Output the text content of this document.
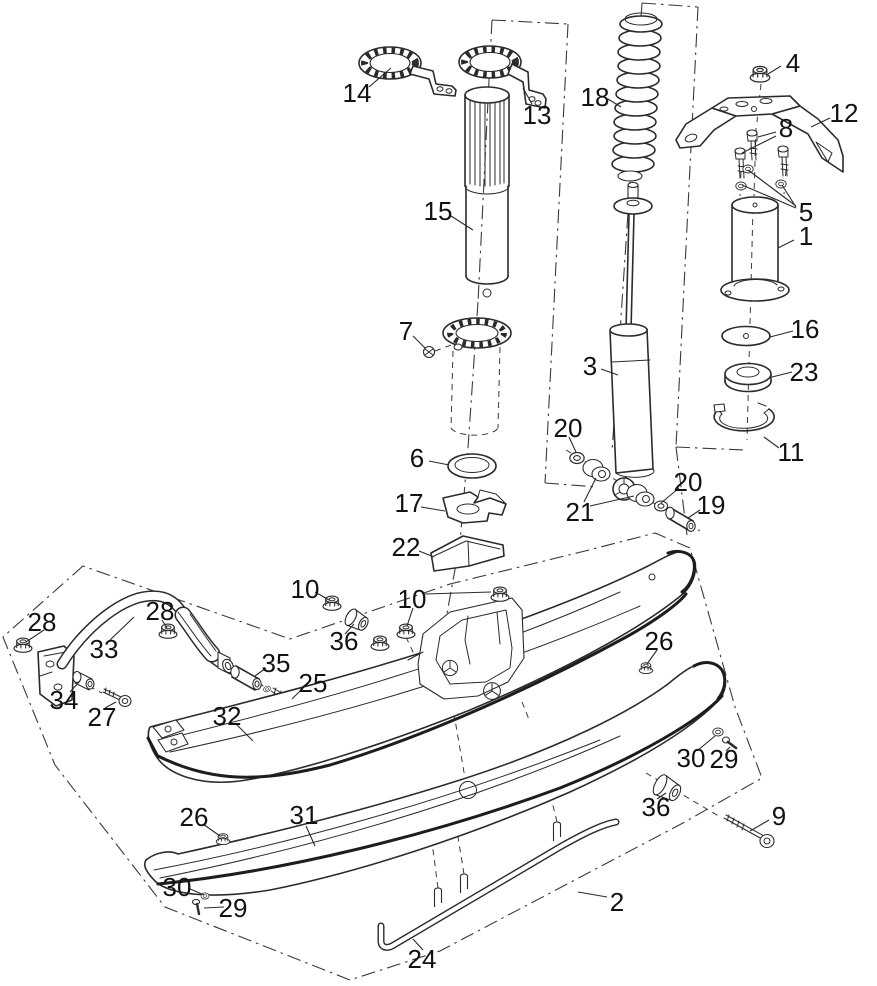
1
2
3
4
5
6
7
8
9
10	10
11
12
13
14
15
16
17
18
19
20
20
21
22
23
24
25
26
26
27
28	28
29
29
30
30
31
32
33
34
35
36
36
